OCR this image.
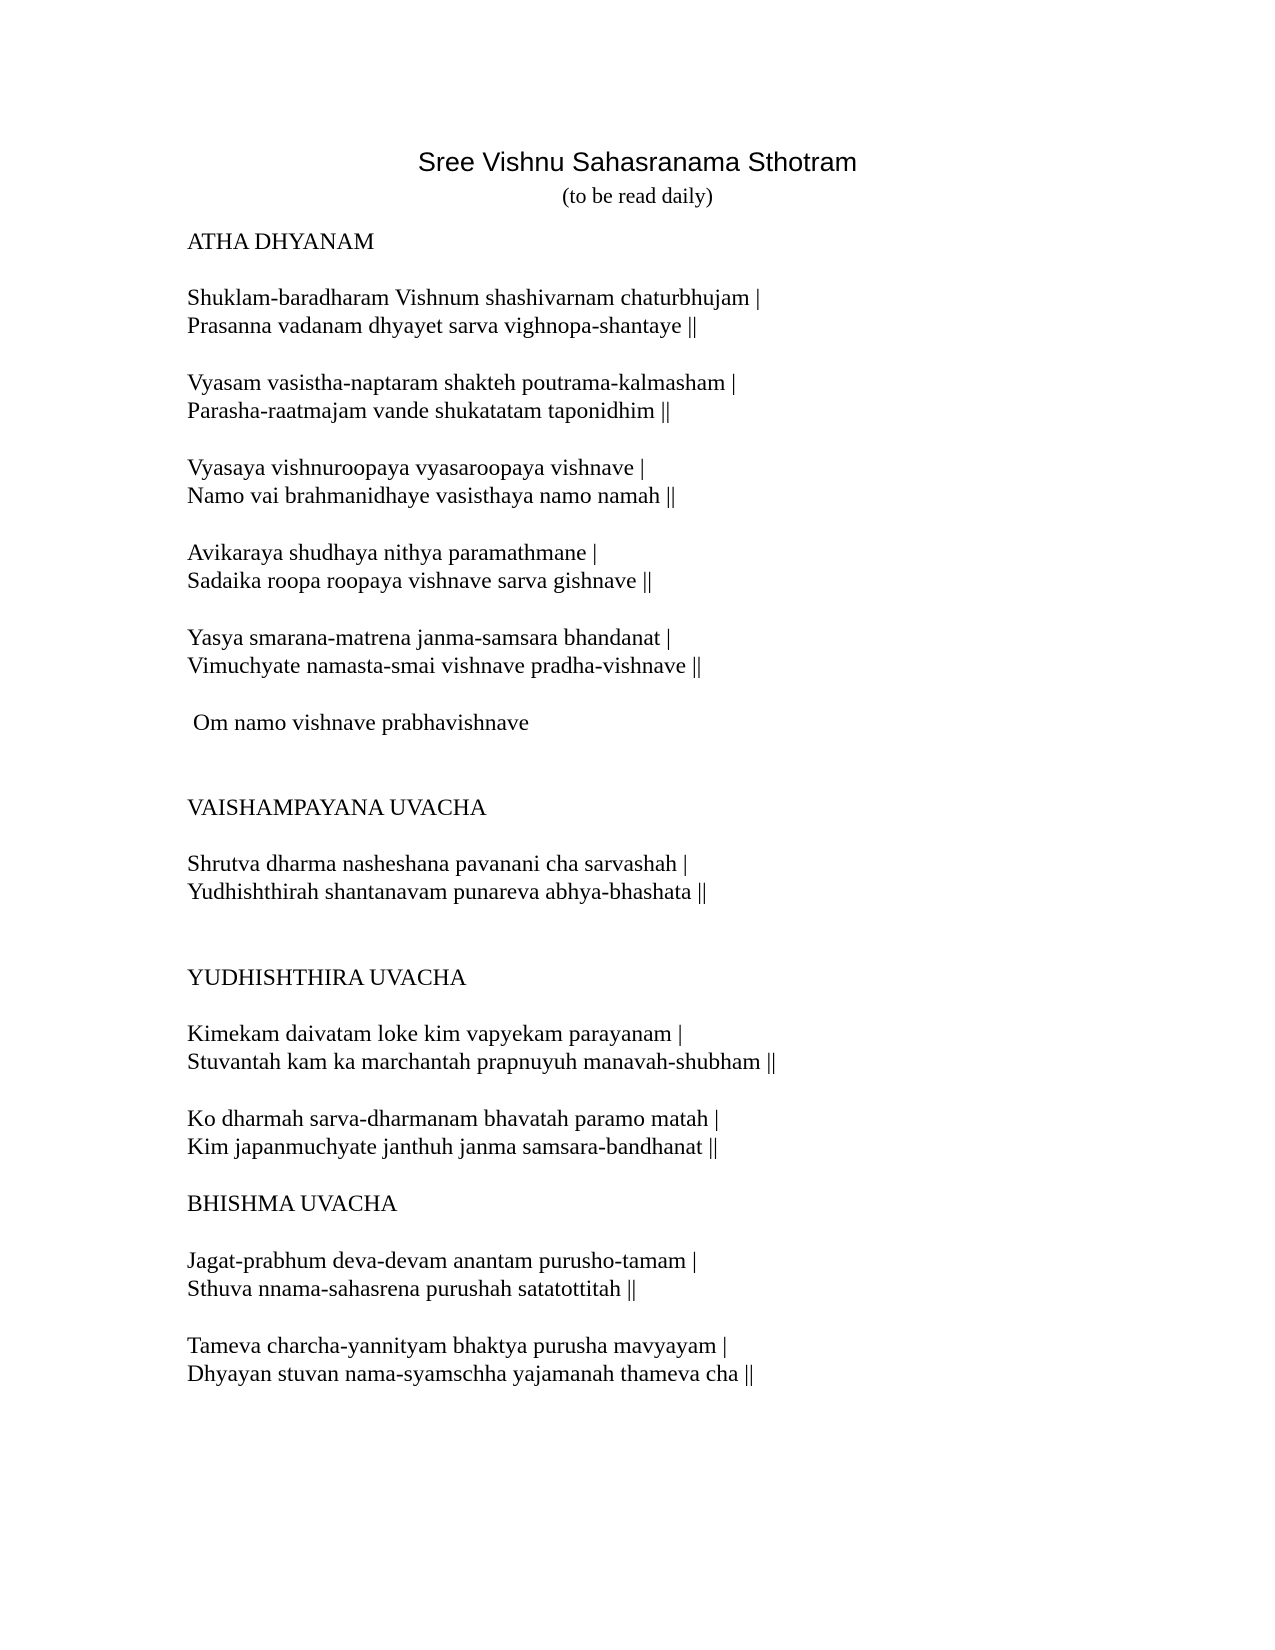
Sree Vishnu Sahasranama Sthotram
(to be read daily)
ATHA DHYANAM
Shuklam-baradharam Vishnum shashivarnam chaturbhujam |
Prasanna vadanam dhyayet sarva vighnopa-shantaye ||
Vyasam vasistha-naptaram shakteh poutrama-kalmasham |
Parasha-raatmajam vande shukatatam taponidhim ||
Vyasaya vishnuroopaya vyasaroopaya vishnave |
Namo vai brahmanidhaye vasisthaya namo namah ||
Avikaraya shudhaya nithya paramathmane |
Sadaika roopa roopaya vishnave sarva gishnave ||
Yasya smarana-matrena janma-samsara bhandanat |
Vimuchyate namasta-smai vishnave pradha-vishnave ||
Om namo vishnave prabhavishnave
VAISHAMPAYANA UVACHA
Shrutva dharma nasheshana pavanani cha sarvashah |
Yudhishthirah shantanavam punareva abhya-bhashata ||
YUDHISHTHIRA UVACHA
Kimekam daivatam loke kim vapyekam parayanam |
Stuvantah kam ka marchantah prapnuyuh manavah-shubham ||
Ko dharmah sarva-dharmanam bhavatah paramo matah |
Kim japanmuchyate janthuh janma samsara-bandhanat ||
BHISHMA UVACHA
Jagat-prabhum deva-devam anantam purusho-tamam |
Sthuva nnama-sahasrena purushah satatottitah ||
Tameva charcha-yannityam bhaktya purusha mavyayam |
Dhyayan stuvan nama-syamschha yajamanah thameva cha ||
